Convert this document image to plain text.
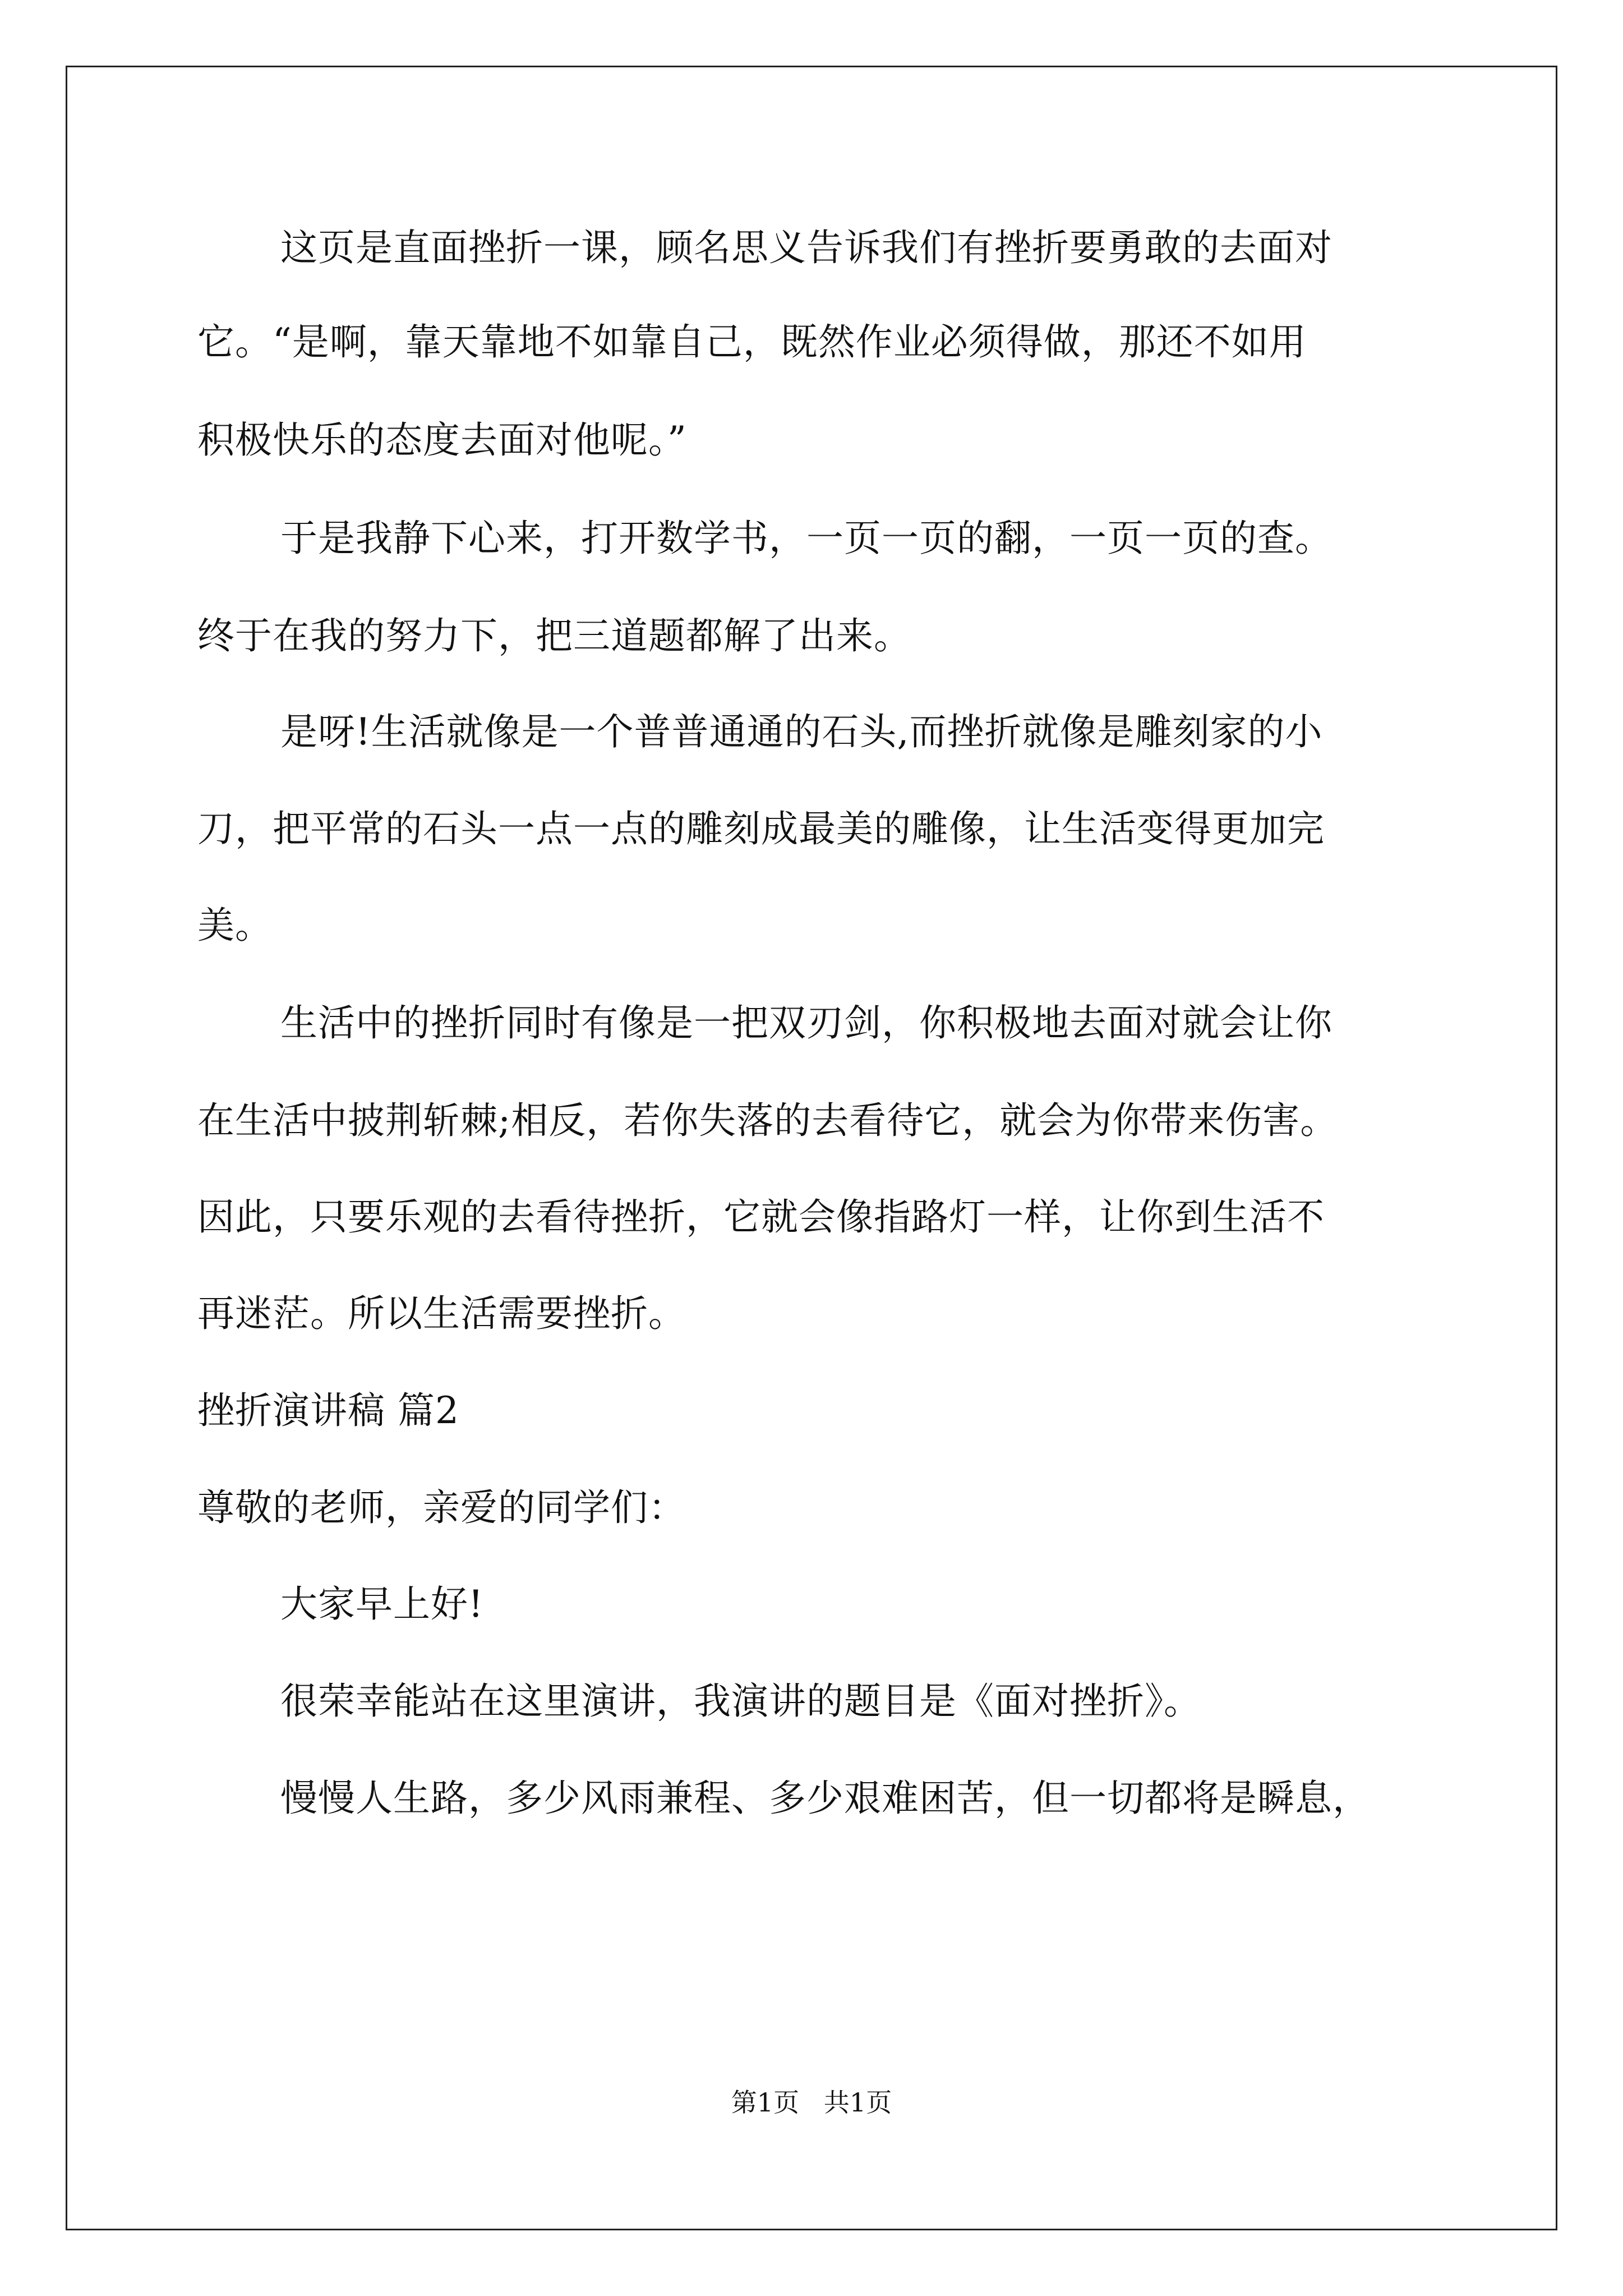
这页是直面挫折一课，顾名思义告诉我们有挫折要勇敢的去面对
它。“是啊，靠天靠地不如靠自己，既然作业必须得做，那还不如用
积极快乐的态度去面对他呢。”
于是我静下心来，打开数学书，一页一页的翻，一页一页的查。
终于在我的努力下，把三道题都解了出来。
是呀!生活就像是一个普普通通的石头,而挫折就像是雕刻家的小
刀，把平常的石头一点一点的雕刻成最美的雕像，让生活变得更加完
美。
生活中的挫折同时有像是一把双刃剑，你积极地去面对就会让你
在生活中披荆斩棘;相反，若你失落的去看待它，就会为你带来伤害。
因此，只要乐观的去看待挫折，它就会像指路灯一样，让你到生活不
再迷茫。所以生活需要挫折。
挫折演讲稿 篇2
尊敬的老师，亲爱的同学们：
大家早上好!
很荣幸能站在这里演讲，我演讲的题目是《面对挫折》。
慢慢人生路，多少风雨兼程、多少艰难困苦，但一切都将是瞬息，
第1页   共1页
